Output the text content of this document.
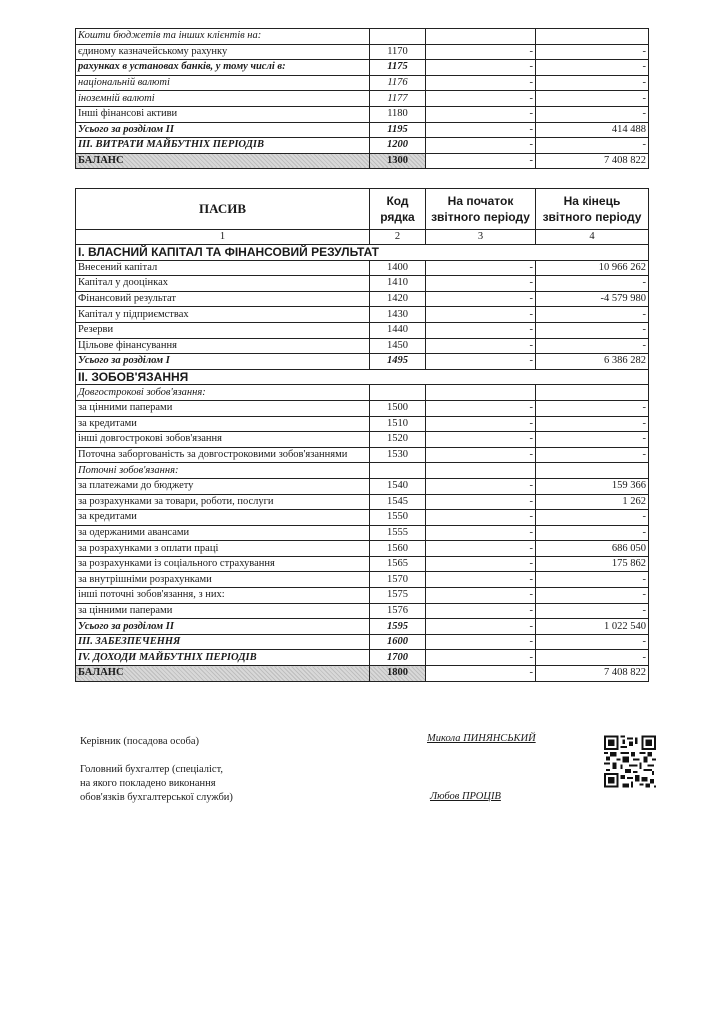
Кошти бюджетів та інших клієнтів на:			
єдиному казначейському рахунку	1170	-	-
рахунках в установах банків, у тому числі в:	1175	-	-
національній валюті	1176	-	-
іноземній валюті	1177	-	-
Інші фінансові активи	1180	-	-
Усього за розділом II	1195	-	414 488
III. ВИТРАТИ МАЙБУТНІХ ПЕРІОДІВ	1200	-	-
БАЛАНС	1300	-	7 408 822
ПАСИВ	Код рядка	На початок звітного періоду	На кінець звітного періоду
1	2	3	4
I. ВЛАСНИЙ КАПІТАЛ ТА ФІНАНСОВИЙ РЕЗУЛЬТАТ			
Внесений капітал	1400	-	10 966 262
Капітал у дооцінках	1410	-	-
Фінансовий результат	1420	-	-4 579 980
Капітал у підприємствах	1430	-	-
Резерви	1440	-	-
Цільове фінансування	1450	-	-
Усього за розділом I	1495	-	6 386 282
II. ЗОБОВ'ЯЗАННЯ			
Довгострокові зобов'язання:			
за цінними паперами	1500	-	-
за кредитами	1510	-	-
інші довгострокові зобов'язання	1520	-	-
Поточна заборгованість за довгостроковими зобов'язаннями	1530	-	-
Поточні зобов'язання:			
за платежами до бюджету	1540	-	159 366
за розрахунками за товари, роботи, послуги	1545	-	1 262
за кредитами	1550	-	-
за одержаними авансами	1555	-	-
за розрахунками з оплати праці	1560	-	686 050
за розрахунками із соціального страхування	1565	-	175 862
за внутрішніми розрахунками	1570	-	-
інші поточні зобов'язання, з них:	1575	-	-
за цінними паперами	1576	-	-
Усього за розділом II	1595	-	1 022 540
III. ЗАБЕЗПЕЧЕННЯ	1600	-	-
IV. ДОХОДИ МАЙБУТНІХ ПЕРІОДІВ	1700	-	-
БАЛАНС	1800	-	7 408 822
Керівник (посадова особа)	Микола ПИНЯНСЬКИЙ
Головний бухгалтер (спеціаліст,
на якого покладено виконання
обов'язків бухгалтерської служби)	Любов ПРОЦІВ
